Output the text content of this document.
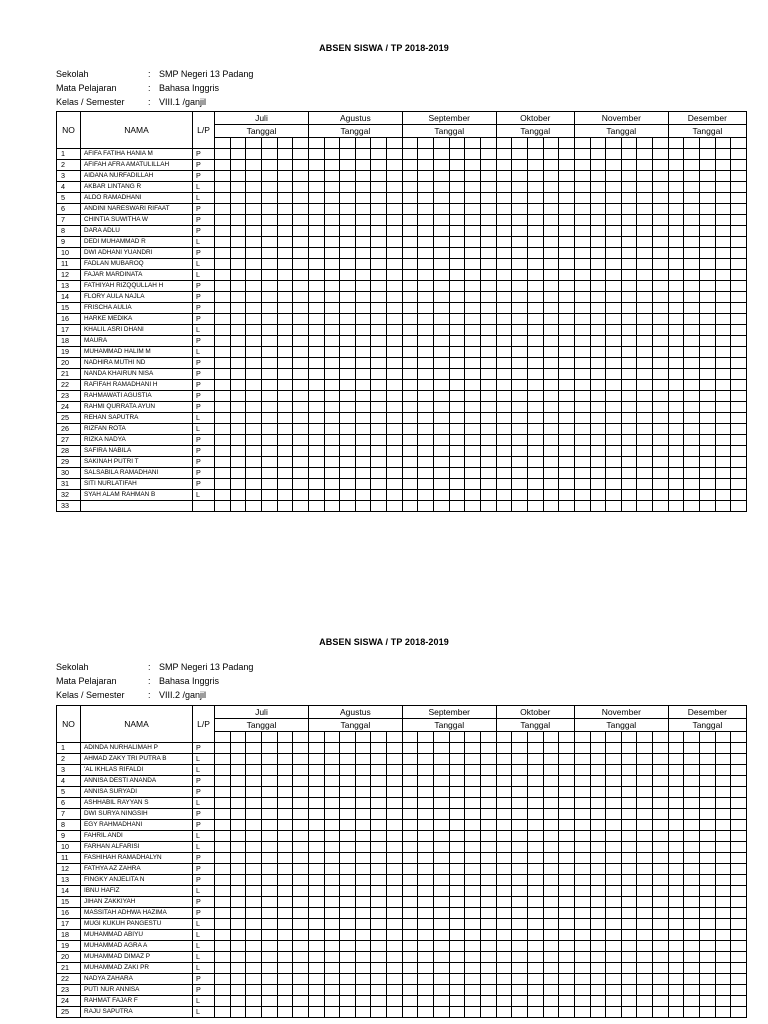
ABSEN SISWA / TP 2018-2019
Sekolah	: SMP Negeri 13 Padang
Mata Pelajaran	: Bahasa Inggris
Kelas / Semester	: VIII.1 /ganjil
NO	NAMA	L/P	Juli						Agustus						September						Oktober					November						Desember				
			Tanggal						Tanggal						Tanggal						Tanggal					Tanggal						Tanggal				

1	AFIFA FATIHA HANIA M	P																																		
2	AFIFAH AFRA AMATULILLAH	P																																		
3	AIDANA NURFADILLAH	P																																		
4	AKBAR LINTANG R	L																																		
5	ALDO RAMADHANI	L																																		
6	ANDINI NARESWARI RIFAAT	P																																		
7	CHINTIA SUWITHA W	P																																		
8	DARA ADLU	P																																		
9	DEDI MUHAMMAD R	L																																		
10	DWI ADHANI YUANDRI	P																																		
11	FADLAN MUBAROQ	L																																		
12	FAJAR MARDINATA	L																																		
13	FATHIYAH RIZQQULLAH H	P																																		
14	FLORY AULA NAJLA	P																																		
15	FRISCHA AULIA	P																																		
16	HARKE MEDIKA	P																																		
17	KHALIL ASRI DHANI	L																																		
18	MAURA	P																																		
19	MUHAMMAD HALIM M	L																																		
20	NADHIRA MUTHI ND	P																																		
21	NANDA KHAIRUN NISA	P																																		
22	RAFIFAH RAMADHANI H	P																																		
23	RAHMAWATI AGUSTIA	P																																		
24	RAHMI QURRATA AYUN	P																																		
25	REHAN SAPUTRA	L																																		
26	RIZFAN ROTA	L																																		
27	RIZKA NADYA	P																																		
28	SAFIRA NABILA	P																																		
29	SAKINAH PUTRI T	P																																		
30	SALSABILA RAMADHANI	P																																		
31	SITI NURLATIFAH	P																																		
32	SYAH ALAM RAHMAN B	L																																		
33																																				
ABSEN SISWA / TP 2018-2019
Sekolah	: SMP Negeri 13 Padang
Mata Pelajaran	: Bahasa Inggris
Kelas / Semester	: VIII.2 /ganjil
NO	NAMA	L/P	Juli						Agustus						September						Oktober					November						Desember				
			Tanggal						Tanggal						Tanggal						Tanggal					Tanggal						Tanggal				

1	ADINDA NURHALIMAH P	P																																		
2	AHMAD ZAKY TRI PUTRA B	L																																		
3	'AL IKHLAS RIFALDI	L																																		
4	ANNISA DESTI ANANDA	P																																		
5	ANNISA SURYADI	P																																		
6	ASHHABIL RAYYAN S	L																																		
7	DWI SURYA NINGSIH	P																																		
8	EGY RAHMADHANI	P																																		
9	FAHRIL ANDI	L																																		
10	FARHAN ALFARISI	L																																		
11	FASHIHAH RAMADHALYN	P																																		
12	FATHYA AZ ZAHRA	P																																		
13	FINGKY ANJELITA N	P																																		
14	IBNU HAFIZ	L																																		
15	JIHAN ZAKKIYAH	P																																		
16	MASSITAH ADHWA HAZIMA	P																																		
17	MUGI KUKUH PANGESTU	L																																		
18	MUHAMMAD ABIYU	L																																		
19	MUHAMMAD AGRA A	L																																		
20	MUHAMMAD DIMAZ P	L																																		
21	MUHAMMAD ZAKI PR	L																																		
22	NADYA ZAHARA	P																																		
23	PUTI NUR ANNISA	P																																		
24	RAHMAT FAJAR F	L																																		
25	RAJU SAPUTRA	L																																		
